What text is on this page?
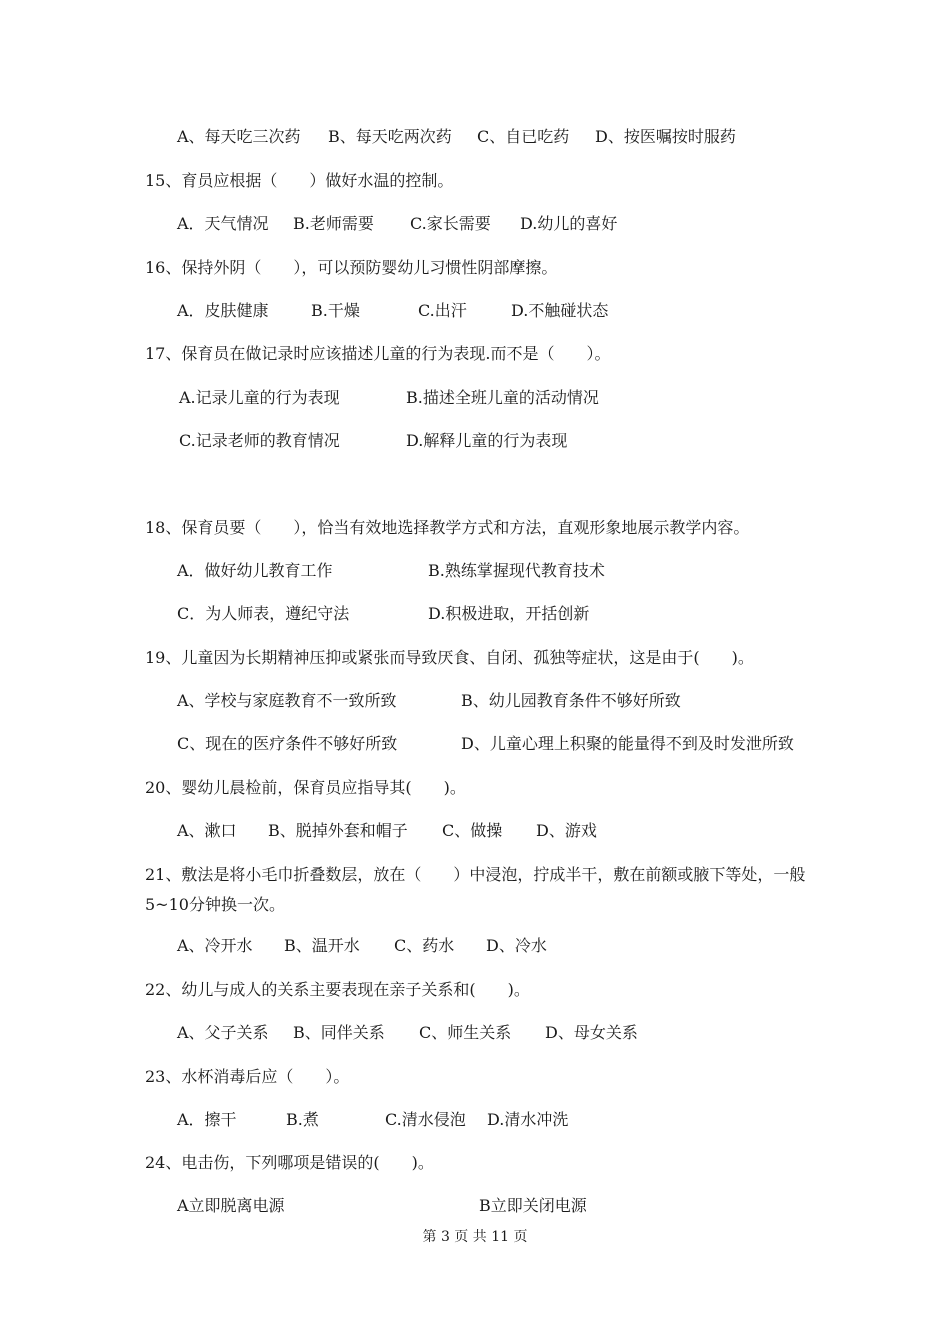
A、每天吃三次药 B、每天吃两次药 C、自已吃药 D、按医嘱按时服药
15、育员应根据（　　）做好水温的控制。
A．天气情况 B.老师需要 C.家长需要 D.幼儿的喜好
16、保持外阴（　　），可以预防婴幼儿习惯性阴部摩擦。
A．皮肤健康	B.干燥	C.出汗	D.不触碰状态
17、保育员在做记录时应该描述儿童的行为表现.而不是（　　）。
A.记录儿童的行为表现	B.描述全班儿童的活动情况
C.记录老师的教育情况	D.解释儿童的行为表现
18、保育员要（　　），恰当有效地选择教学方式和方法，直观形象地展示教学内容。
A．做好幼儿教育工作	B.熟练掌握现代教育技术
C．为人师表，遵纪守法	D.积极进取，开括创新
19、儿童因为长期精神压抑或紧张而导致厌食、自闭、孤独等症状，这是由于(　　)。
A、学校与家庭教育不一致所致	B、幼儿园教育条件不够好所致
C、现在的医疗条件不够好所致	D、儿童心理上积聚的能量得不到及时发泄所致
20、婴幼儿晨检前，保育员应指导其(　　)。
A、漱口 B、脱掉外套和帽子 C、做操 D、游戏
21、敷法是将小毛巾折叠数层，放在（　　）中浸泡，拧成半干，敷在前额或腋下等处，一般5~10分钟换一次。
A、冷开水 B、温开水 C、药水 D、冷水
22、幼儿与成人的关系主要表现在亲子关系和(　　)。
A、父子关系 B、同伴关系 C、师生关系 D、母女关系
23、水杯消毒后应（　　）。
A．擦干	B.煮	C.清水侵泡 D.清水冲洗
24、电击伤，下列哪项是错误的(　　)。
A立即脱离电源	B立即关闭电源
第 3 页 共 11 页
